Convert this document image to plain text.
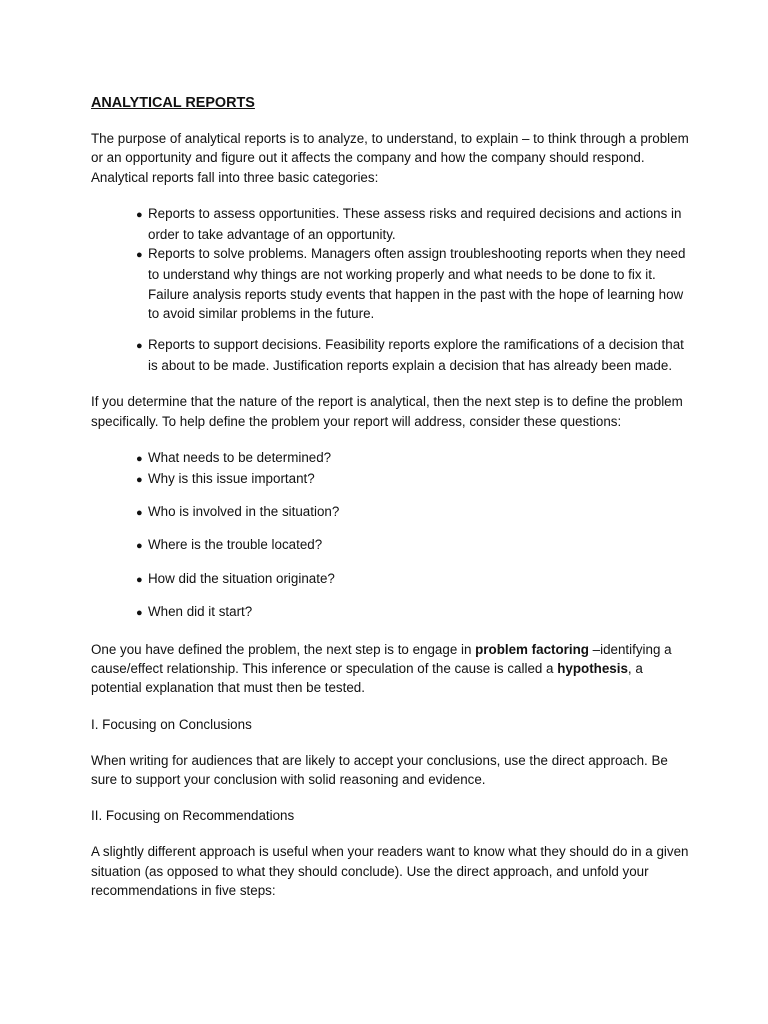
ANALYTICAL REPORTS

The purpose of analytical reports is to analyze, to understand, to explain – to think through a problem or an opportunity and figure out it affects the company and how the company should respond. Analytical reports fall into three basic categories:

● Reports to assess opportunities. These assess risks and required decisions and actions in order to take advantage of an opportunity.
● Reports to solve problems. Managers often assign troubleshooting reports when they need to understand why things are not working properly and what needs to be done to fix it. Failure analysis reports study events that happen in the past with the hope of learning how to avoid similar problems in the future.
● Reports to support decisions. Feasibility reports explore the ramifications of a decision that is about to be made. Justification reports explain a decision that has already been made.

If you determine that the nature of the report is analytical, then the next step is to define the problem specifically. To help define the problem your report will address, consider these questions:

● What needs to be determined?
● Why is this issue important?
● Who is involved in the situation?
● Where is the trouble located?
● How did the situation originate?
● When did it start?

One you have defined the problem, the next step is to engage in problem factoring –identifying a cause/effect relationship. This inference or speculation of the cause is called a hypothesis, a potential explanation that must then be tested.

I. Focusing on Conclusions

When writing for audiences that are likely to accept your conclusions, use the direct approach. Be sure to support your conclusion with solid reasoning and evidence.

II. Focusing on Recommendations

A slightly different approach is useful when your readers want to know what they should do in a given situation (as opposed to what they should conclude). Use the direct approach, and unfold your recommendations in five steps:
